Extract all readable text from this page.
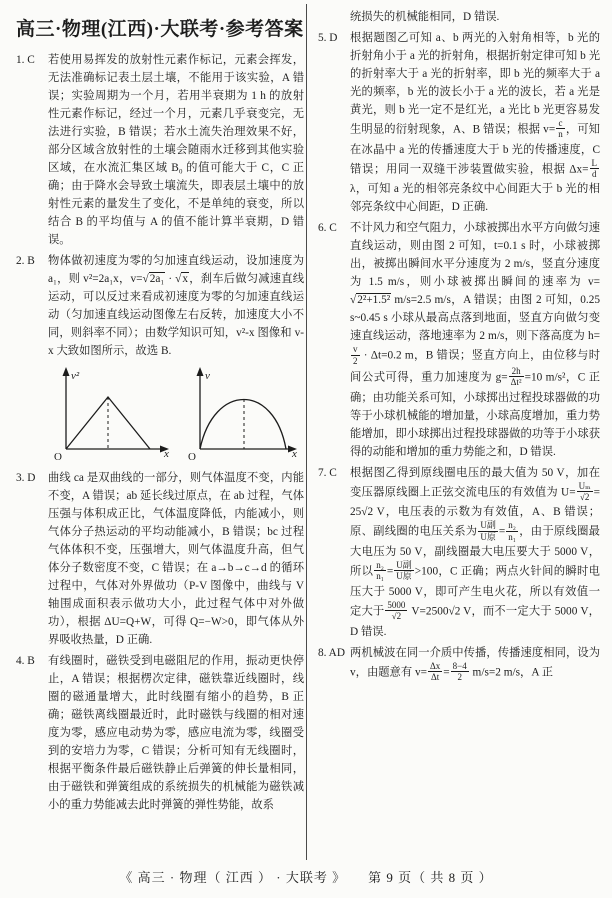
高三·物理(江西)·大联考·参考答案
1. C	若使用易挥发的放射性元素作标记，元素会挥发，无法准确标记表土层土壤，不能用于该实验，A 错误；实验周期为一个月，若用半衰期为 1 h 的放射性元素作标记，经过一个月，元素几乎衰变完，无法进行实验，B 错误；若水土流失治理效果不好，部分区域含放射性的土壤会随雨水迁移到其他实验区域，在水流汇集区域 B₀ 的值可能大于 C，C 正确；由于降水会导致土壤流失，即表层土壤中的放射性元素的量发生了变化，不是单纯的衰变，所以结合 B 的平均值与 A 的值不能计算半衰期，D 错误。
2. B	物体做初速度为零的匀加速直线运动，设加速度为 a₁，则 v²=2a₁x，v=√2a₁ · √x，刹车后做匀减速直线运动，可以反过来看成初速度为零的匀加速直线运动（匀加速直线运动图像左右反转，加速度大小不同，则斜率不同）；由数学知识可知，v²-x 图像和 v-x 大致如图所示，故选 B.
v²
x
O
v
x
O
3. D	曲线 ca 是双曲线的一部分，则气体温度不变，内能不变，A 错误；ab 延长线过原点，在 ab 过程，气体压强与体积成正比，气体温度降低，内能减小，则气体分子热运动的平均动能减小，B 错误；bc 过程气体体积不变，压强增大，则气体温度升高，但气体分子数密度不变，C 错误；在 a→b→c→d 的循环过程中，气体对外界做功（P-V 图像中，曲线与 V 轴围成面积表示做功大小，此过程气体中对外做功），根据 ΔU=Q+W，可得 Q=−W>0，即气体从外界吸收热量，D 正确.
4. B	有线圈时，磁铁受到电磁阻尼的作用，振动更快停止，A 错误；根据楞次定律，磁铁靠近线圈时，线圈的磁通量增大，此时线圈有缩小的趋势，B 正确；磁铁离线圈最近时，此时磁铁与线圈的相对速度为零，感应电动势为零，感应电流为零，线圈受到的安培力为零，C 错误；分析可知有无线圈时，根据平衡条件最后磁铁静止后弹簧的伸长量相同，由于磁铁和弹簧组成的系统损失的机械能为磁铁减小的重力势能减去此时弹簧的弹性势能，故系
统损失的机械能相同，D 错误.
5. D	根据题图乙可知 a、b 两光的入射角相等，b 光的折射角小于 a 光的折射角，根据折射定律可知 b 光的折射率大于 a 光的折射率，即 b 光的频率大于 a 光的频率，b 光的波长小于 a 光的波长，若 a 光是黄光，则 b 光一定不是红光，a 光比 b 光更容易发生明显的衍射现象，A、B 错误；根据 $v= \frac{c}{n}$ ，可知在冰晶中 a 光的传播速度大于 b 光的传播速度，C 错误；用同一双缝干涉装置做实验，根据 $\Delta x= \frac{L}{d}$
λ，可知 a 光的相邻亮条纹中心间距大于 b 光的相邻亮条纹中心间距，D 正确.
6. C	不计风力和空气阻力，小球被掷出水平方向做匀速直线运动，则由图 2 可知，t=0.1 s 时，小球被掷出，被掷出瞬间水平分速度为 2 m/s，竖直分速度为 1.5 m/s，则小球被掷出瞬间的速率为 v=√2²+1.5² m/s=2.5 m/s，A 错误；由图 2 可知，0.25 s~0.45 s 小球从最高点落到地面，竖直方向做匀变速直线运动，落地速率为 2 m/s，则下落高度为 h=
$\frac{v}{2} \cdot \Delta t=0.2$ m，B 错误；竖直方向上，由位移与时间公式可得，重力加速度为 $g= \frac{2h}{\text{Δt²}} =10$ m/s²，C 正确；由功能关系可知，小球掷出过程投球器做的功等于小球机械能的增加量，小球高度增加，重力势能增加，即小球掷出过程投球器做的功等于小球获得的动能和增加的重力势能之和，D 错误.
7. C	根据图乙得到原线圈电压的最大值为 50 V，加在变压器原线圈上正弦交流电压的有效值为 $U= \frac{\text{Uₘ}}{√2} =25√2$ V，电压表的示数为有效值，A、B 错误；原、副线圈的电压关系为 $\frac{\text{U副}}{\text{U原}} = \frac{\text{n₂}}{\text{n₁}}$ ，由于原线圈最大电压为 50 V，副线圈最大电压要大于 5000 V，所以 $\frac{\text{n₂}}{\text{n₁}} = \frac{\text{U副}}{\text{U原}} >100$，C 正确；两点火针间的瞬时电压大于 5000 V，即可产生电火花，所以有效值一定大于 $\frac{5000}{√2} V=2500√2$ V，而不一定大于 5000 V，D 错误.
8. AD 两机械波在同一介质中传播，传播速度相同，设为 v，由题意有 $v= \frac{\Delta x}{\Delta t} = \frac{8-4}{2} m/s=2$ m/s，A 正
《 高三 · 物理（ 江西 ） · 大联考 》 第 9 页（ 共 8 页 ）
